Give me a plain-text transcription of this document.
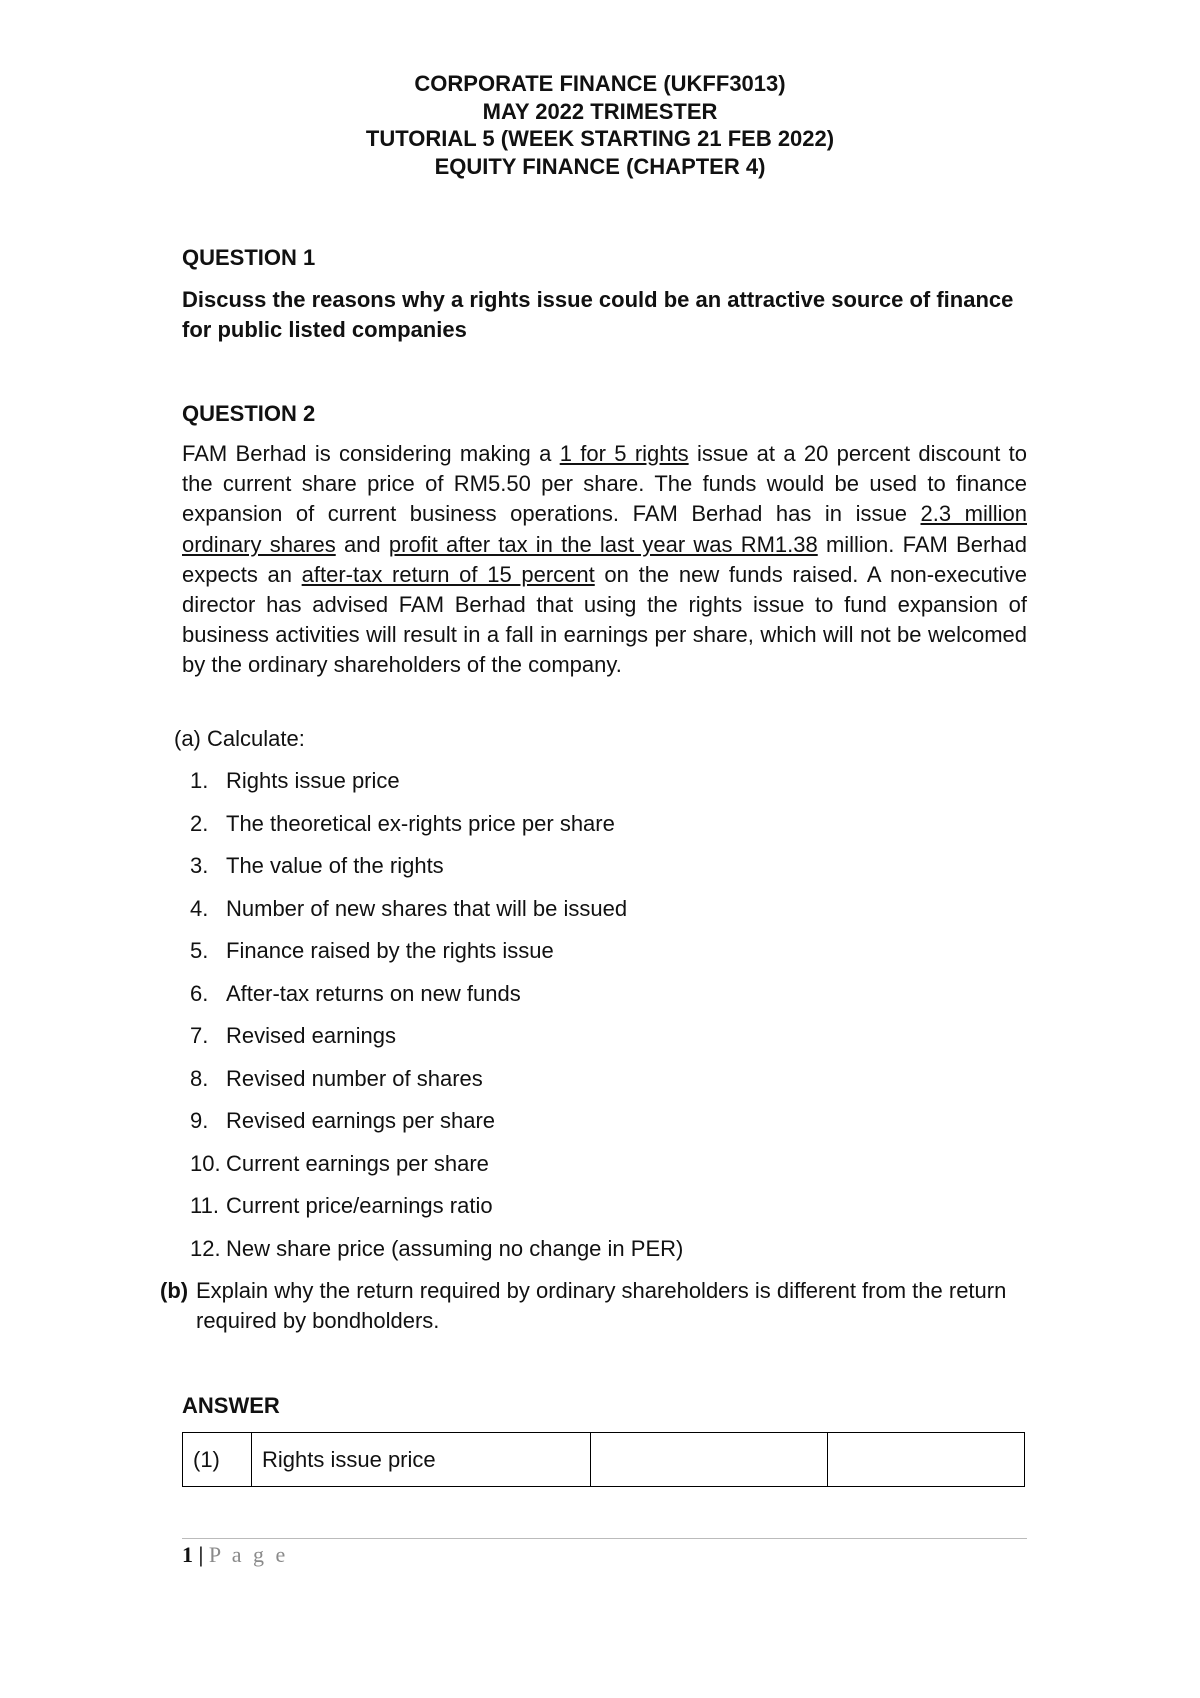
CORPORATE FINANCE (UKFF3013)
MAY 2022 TRIMESTER
TUTORIAL 5 (WEEK STARTING 21 FEB 2022)
EQUITY FINANCE (CHAPTER 4)
QUESTION 1
Discuss the reasons why a rights issue could be an attractive source of finance for public listed companies
QUESTION 2
FAM Berhad is considering making a 1 for 5 rights issue at a 20 percent discount to the current share price of RM5.50 per share. The funds would be used to finance expansion of current business operations. FAM Berhad has in issue 2.3 million ordinary shares and profit after tax in the last year was RM1.38 million. FAM Berhad expects an after-tax return of 15 percent on the new funds raised. A non-executive director has advised FAM Berhad that using the rights issue to fund expansion of business activities will result in a fall in earnings per share, which will not be welcomed by the ordinary shareholders of the company.
(a) Calculate:
1. Rights issue price
2. The theoretical ex-rights price per share
3. The value of the rights
4. Number of new shares that will be issued
5. Finance raised by the rights issue
6. After-tax returns on new funds
7. Revised earnings
8. Revised number of shares
9. Revised earnings per share
10. Current earnings per share
11. Current price/earnings ratio
12. New share price (assuming no change in PER)
(b) Explain why the return required by ordinary shareholders is different from the return required by bondholders.
ANSWER
(1)	Rights issue price		
1 | P a g e
